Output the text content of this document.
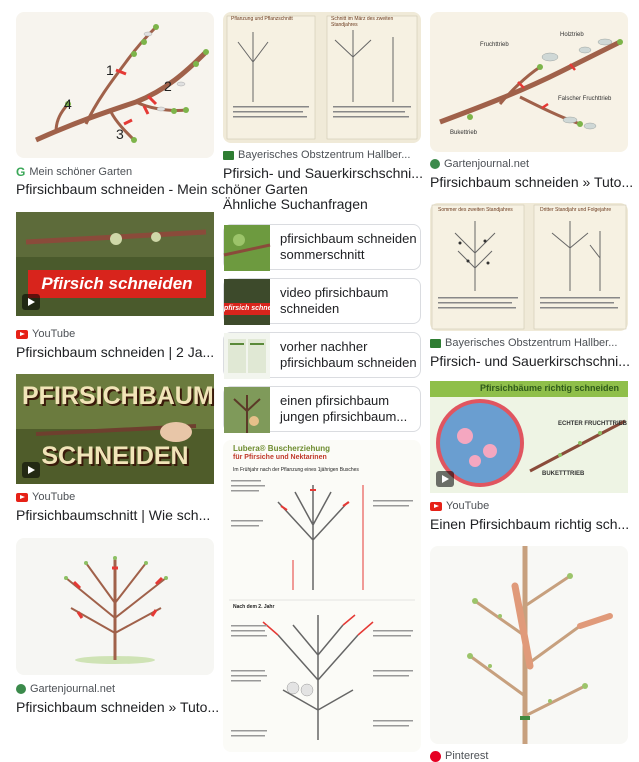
1
2
3
4
G Mein schöner Garten
Pfirsichbaum schneiden - Mein schöner Garten
Pfirsich schneiden
YouTube
Pfirsichbaum schneiden | 2 Ja...
PFIRSICHBAUM
SCHNEIDEN
YouTube
Pfirsichbaumschnitt | Wie sch...
Gartenjournal.net
Pfirsichbaum schneiden » Tuto...
Pflanzung und Pflanzschnitt	Schnitt im März des zweiten Standjahres
Bayerisches Obstzentrum Hallber...
Pfirsich- und Sauerkirschschni...
Ähnliche Suchanfragen
pfirsichbaum schneiden sommerschnitt
pfirsich schnei
video pfirsichbaum schneiden
vorher nachher pfirsichbaum schneiden
einen pfirsichbaum jungen pfirsichbaum...
Lubera® Buscherziehung
für Pfirsiche und Nektarinen
Im Frühjahr nach der Pflanzung eines 1jährigen Busches
Nach dem 2. Jahr
Fruchttrieb
Holztrieb
Falscher Fruchttrieb
Bukettrieb
Gartenjournal.net
Pfirsichbaum schneiden » Tuto...
Sommer des zweiten Standjahres	Dritter Standjahr und Folgejahre
Bayerisches Obstzentrum Hallber...
Pfirsich- und Sauerkirschschni...
Pfirsichbäume richtig schneiden
ECHTER FRUCHTTRIEB
BUKETTTRIEB
YouTube
Einen Pfirsichbaum richtig sch...
Pinterest
